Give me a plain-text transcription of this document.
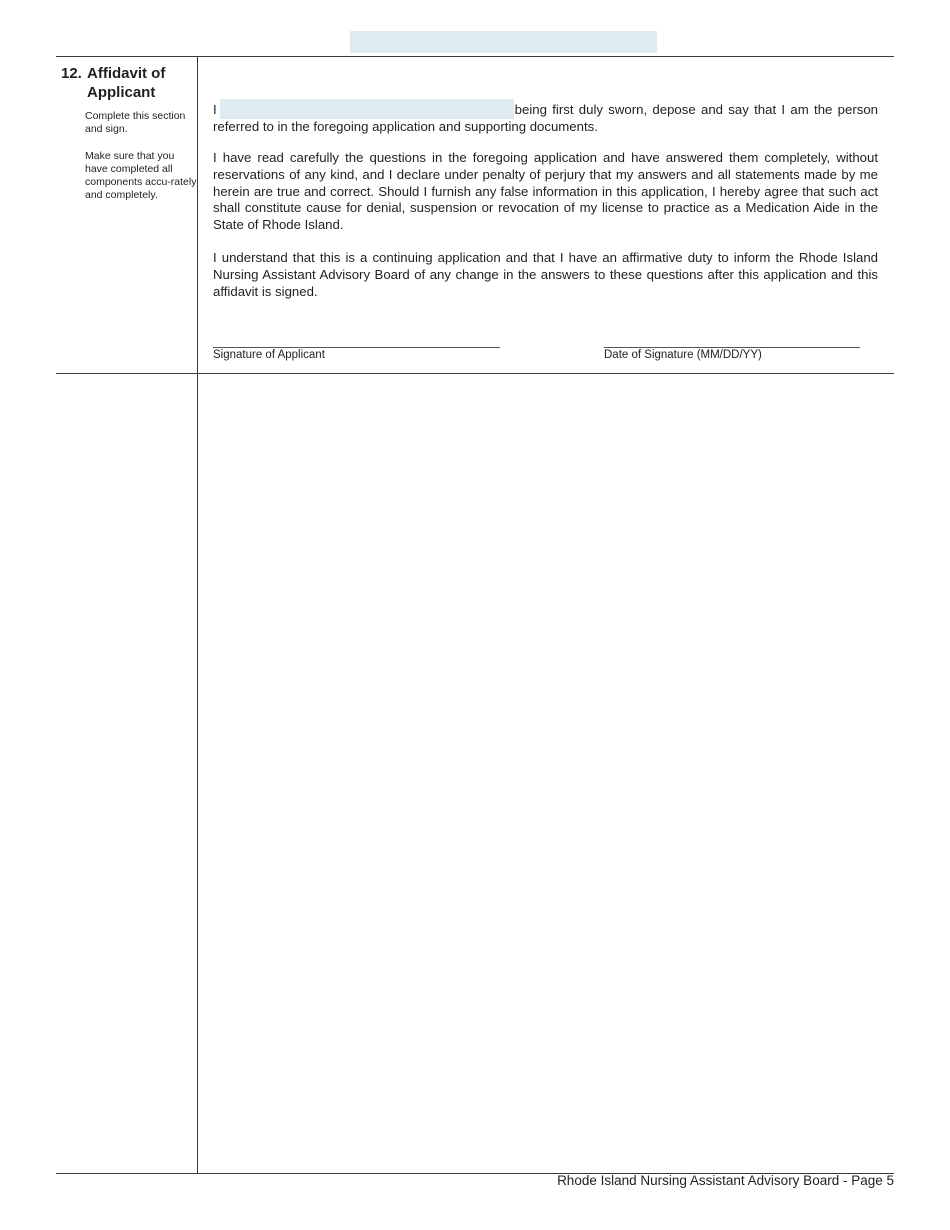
12. Affidavit of
Applicant

Complete this section and sign.

Make sure that you have completed all components accu-rately and completely.

I	being first duly sworn, depose and say that I am the person referred to in the foregoing application and supporting documents.

I have read carefully the questions in the foregoing application and have answered them completely, without reservations of any kind, and I declare under penalty of perjury that my answers and all statements made by me herein are true and correct. Should I furnish any false information in this application, I hereby agree that such act shall constitute cause for denial, suspension or revocation of my license to practice as a Medication Aide in the State of Rhode Island.

I understand that this is a continuing application and that I have an affirmative duty to inform the Rhode Island Nursing Assistant Advisory Board of any change in the answers to these questions after this application and this affidavit is signed.

Signature of Applicant	Date of Signature (MM/DD/YY)
Rhode Island Nursing Assistant Advisory Board - Page 5
